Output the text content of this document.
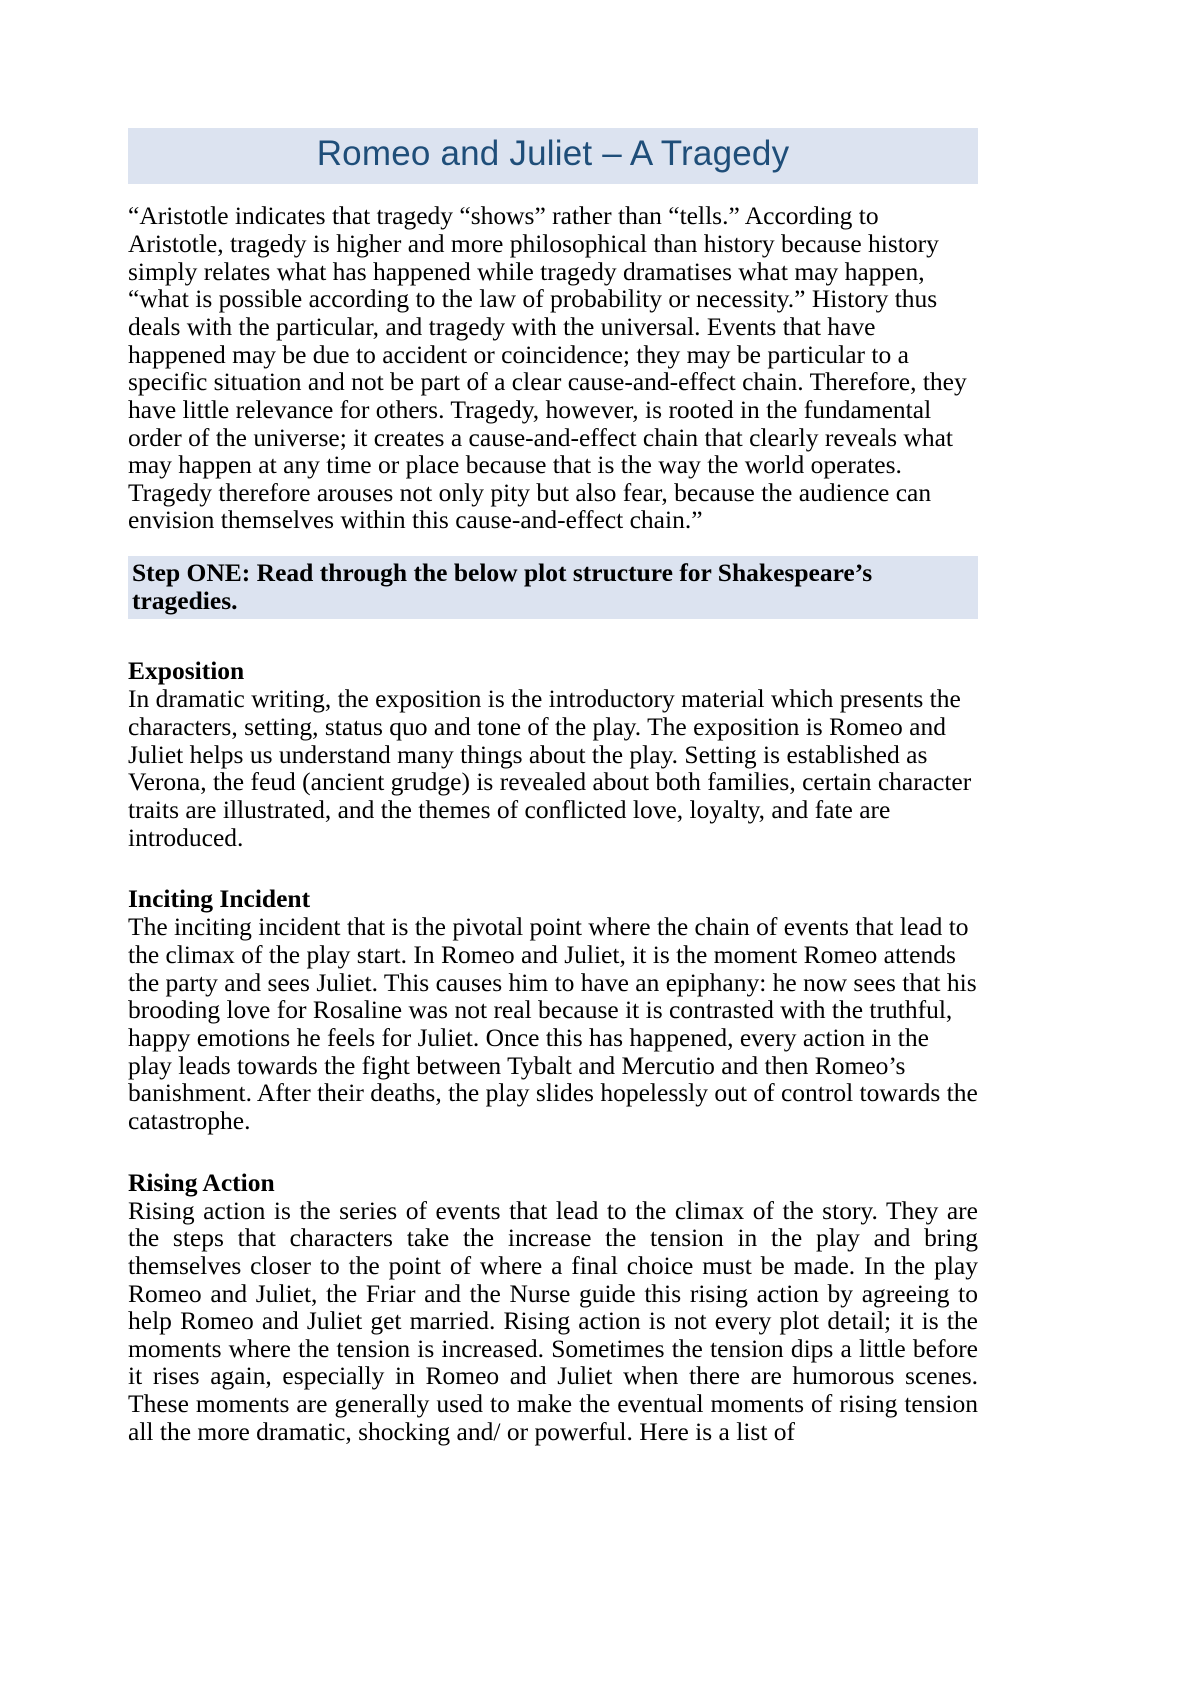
Romeo and Juliet – A Tragedy

“Aristotle indicates that tragedy “shows” rather than “tells.” According to Aristotle, tragedy is higher and more philosophical than history because history simply relates what has happened while tragedy dramatises what may happen, “what is possible according to the law of probability or necessity.” History thus deals with the particular, and tragedy with the universal. Events that have happened may be due to accident or coincidence; they may be particular to a specific situation and not be part of a clear cause-and-effect chain. Therefore, they have little relevance for others. Tragedy, however, is rooted in the fundamental order of the universe; it creates a cause-and-effect chain that clearly reveals what may happen at any time or place because that is the way the world operates. Tragedy therefore arouses not only pity but also fear, because the audience can envision themselves within this cause-and-effect chain.”

Step ONE: Read through the below plot structure for Shakespeare’s tragedies.
Exposition

In dramatic writing, the exposition is the introductory material which presents the characters, setting, status quo and tone of the play. The exposition is Romeo and Juliet helps us understand many things about the play. Setting is established as Verona, the feud (ancient grudge) is revealed about both families, certain character traits are illustrated, and the themes of conflicted love, loyalty, and fate are introduced.

Inciting Incident

The inciting incident that is the pivotal point where the chain of events that lead to the climax of the play start. In Romeo and Juliet, it is the moment Romeo attends the party and sees Juliet. This causes him to have an epiphany: he now sees that his brooding love for Rosaline was not real because it is contrasted with the truthful, happy emotions he feels for Juliet. Once this has happened, every action in the play leads towards the fight between Tybalt and Mercutio and then Romeo’s banishment. After their deaths, the play slides hopelessly out of control towards the catastrophe.

Rising Action

Rising action is the series of events that lead to the climax of the story. They are the steps that characters take the increase the tension in the play and bring themselves closer to the point of where a final choice must be made. In the play Romeo and Juliet, the Friar and the Nurse guide this rising action by agreeing to help Romeo and Juliet get married. Rising action is not every plot detail; it is the moments where the tension is increased. Sometimes the tension dips a little before it rises again, especially in Romeo and Juliet when there are humorous scenes. These moments are generally used to make the eventual moments of rising tension all the more dramatic, shocking and/ or powerful. Here is a list of
